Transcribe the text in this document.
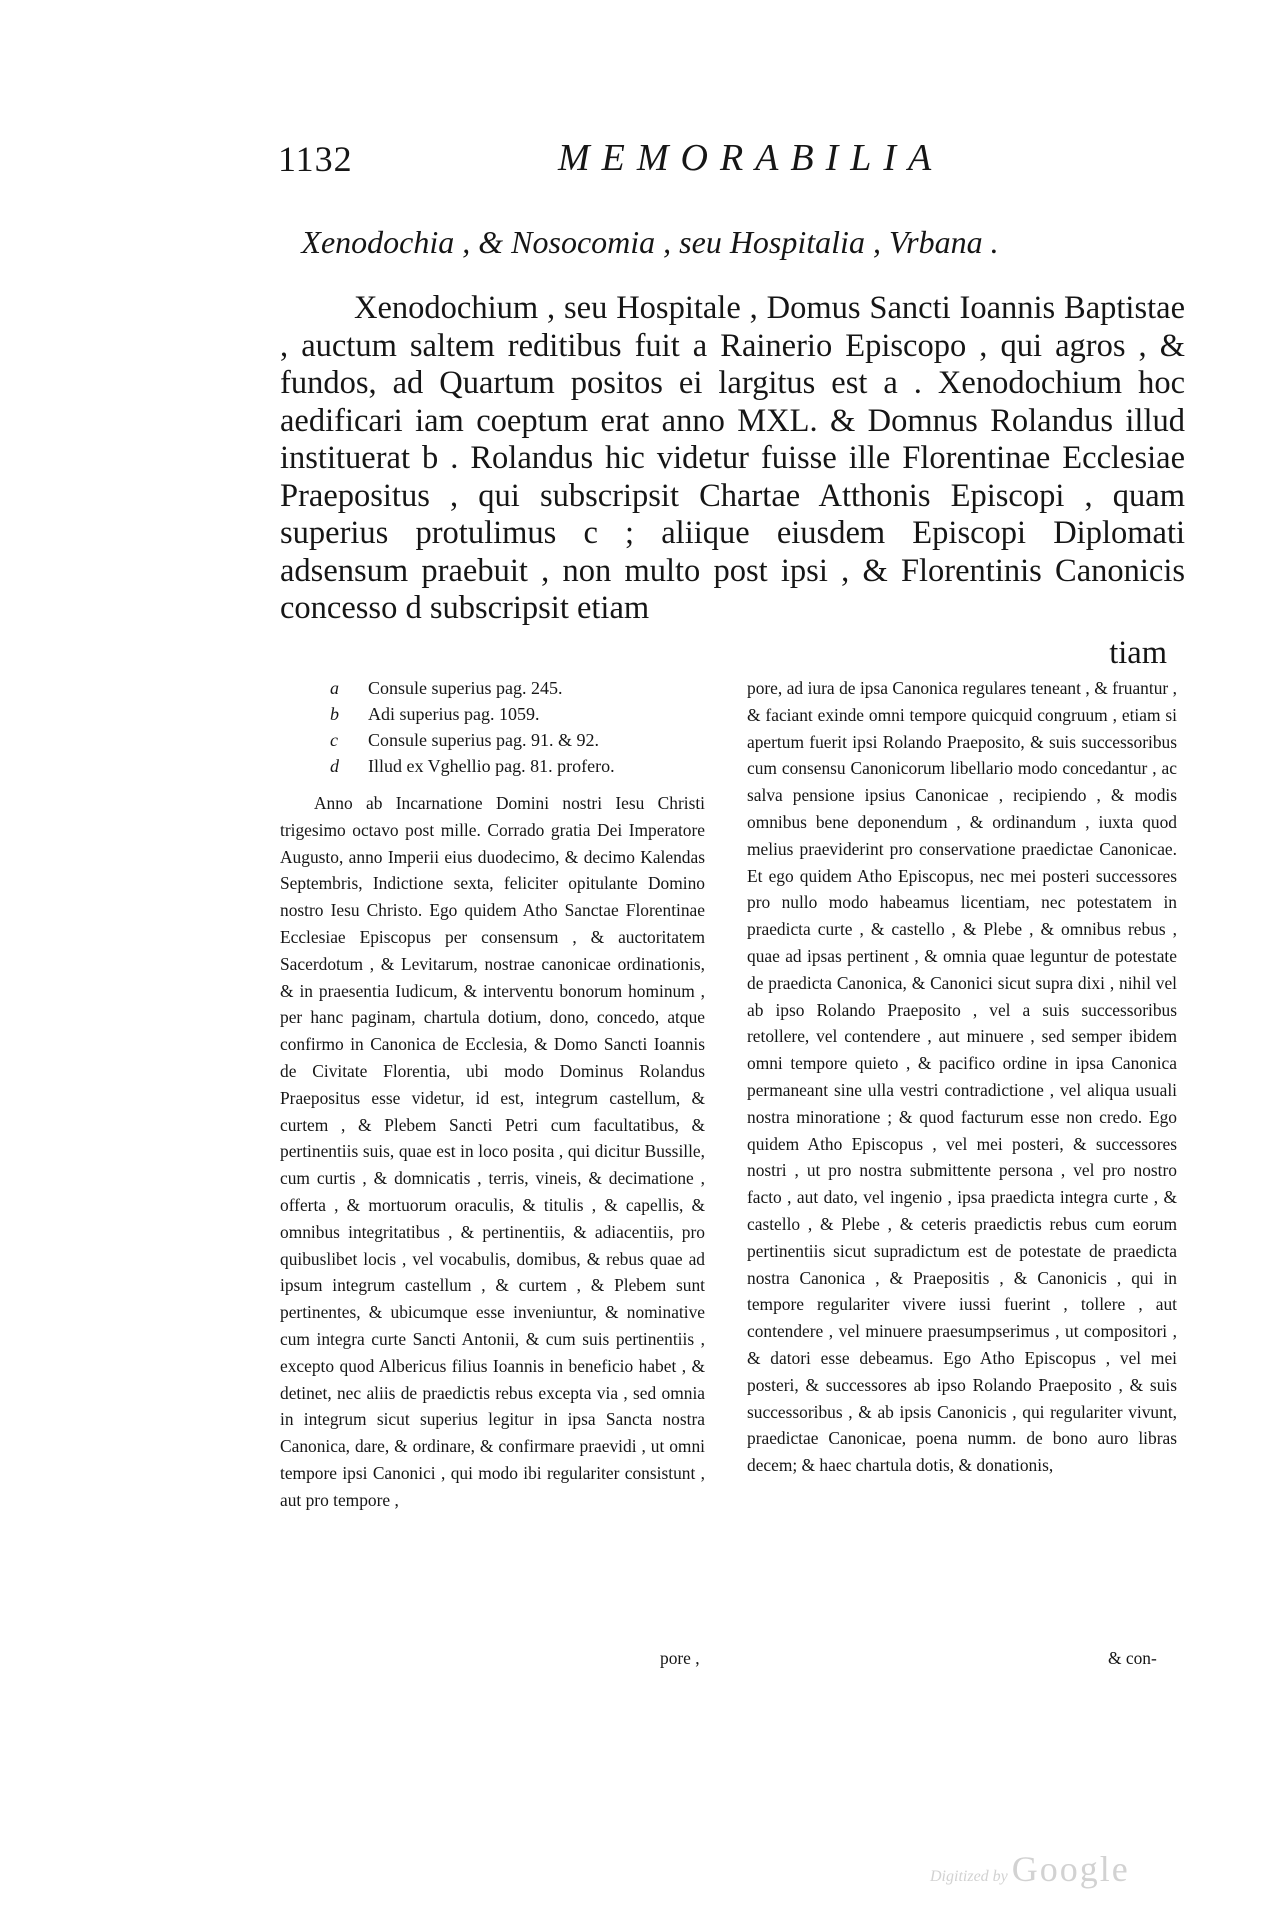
1132	MEMORABILIA
Xenodochia , & Nosocomia , seu Hospitalia , Vrbana .

Xenodochium , seu Hospitale , Domus Sancti Ioannis Baptistae , auctum saltem reditibus fuit a Rainerio Episcopo , qui agros , & fundos, ad Quartum positos ei largitus est a . Xenodochium hoc aedificari iam coeptum erat anno MXL. & Domnus Rolandus illud instituerat b . Rolandus hic videtur fuisse ille Florentinae Ecclesiae Praepositus , qui subscripsit Chartae Atthonis Episcopi , quam superius protulimus c ; aliique eiusdem Episcopi Diplomati adsensum praebuit , non multo post ipsi , & Florentinis Canonicis concesso d subscripsit etiam
tiam

a	Consule superius pag. 245.
b	Adi superius pag. 1059.
c	Consule superius pag. 91. & 92.
d	Illud ex Vghellio pag. 81. profero.

Anno ab Incarnatione Domini nostri Iesu Christi trigesimo octavo post mille. Corrado gratia Dei Imperatore Augusto, anno Imperii eius duodecimo, & decimo Kalendas Septembris, Indictione sexta, feliciter opitulante Domino nostro Iesu Christo. Ego quidem Atho Sanctae Florentinae Ecclesiae Episcopus per consensum , & auctoritatem Sacerdotum , & Levitarum, nostrae canonicae ordinationis, & in praesentia Iudicum, & interventu bonorum hominum , per hanc paginam, chartula dotium, dono, concedo, atque confirmo in Canonica de Ecclesia, & Domo Sancti Ioannis de Civitate Florentia, ubi modo Dominus Rolandus Praepositus esse videtur, id est, integrum castellum, & curtem , & Plebem Sancti Petri cum facultatibus, & pertinentiis suis, quae est in loco posita , qui dicitur Bussille, cum curtis , & domnicatis , terris, vineis, & decimatione , offerta , & mortuorum oraculis, & titulis , & capellis, & omnibus integritatibus , & pertinentiis, & adiacentiis, pro quibuslibet locis , vel vocabulis, domibus, & rebus quae ad ipsum integrum castellum , & curtem , & Plebem sunt pertinentes, & ubicumque esse inveniuntur, & nominative cum integra curte Sancti Antonii, & cum suis pertinentiis , excepto quod Albericus filius Ioannis in beneficio habet , & detinet, nec aliis de praedictis rebus excepta via , sed omnia in integrum sicut superius legitur in ipsa Sancta nostra Canonica, dare, & ordinare, & confirmare praevidi , ut omni tempore ipsi Canonici , qui modo ibi regulariter consistunt , aut pro tempore ,

pore ,

pore, ad iura de ipsa Canonica regulares teneant , & fruantur , & faciant exinde omni tempore quicquid congruum , etiam si apertum fuerit ipsi Rolando Praeposito, & suis successoribus cum consensu Canonicorum libellario modo concedantur , ac salva pensione ipsius Canonicae , recipiendo , & modis omnibus bene deponendum , & ordinandum , iuxta quod melius praeviderint pro conservatione praedictae Canonicae. Et ego quidem Atho Episcopus, nec mei posteri successores pro nullo modo habeamus licentiam, nec potestatem in praedicta curte , & castello , & Plebe , & omnibus rebus , quae ad ipsas pertinent , & omnia quae leguntur de potestate de praedicta Canonica, & Canonici sicut supra dixi , nihil vel ab ipso Rolando Praeposito , vel a suis successoribus retollere, vel contendere , aut minuere , sed semper ibidem omni tempore quieto , & pacifico ordine in ipsa Canonica permaneant sine ulla vestri contradictione , vel aliqua usuali nostra minoratione ; & quod facturum esse non credo. Ego quidem Atho Episcopus , vel mei posteri, & successores nostri , ut pro nostra submittente persona , vel pro nostro facto , aut dato, vel ingenio , ipsa praedicta integra curte , & castello , & Plebe , & ceteris praedictis rebus cum eorum pertinentiis sicut supradictum est de potestate de praedicta nostra Canonica , & Praepositis , & Canonicis , qui in tempore regulariter vivere iussi fuerint , tollere , aut contendere , vel minuere praesumpserimus , ut compositori , & datori esse debeamus. Ego Atho Episcopus , vel mei posteri, & successores ab ipso Rolando Praeposito , & suis successoribus , & ab ipsis Canonicis , qui regulariter vivunt, praedictae Canonicae, poena numm. de bono auro libras decem; & haec chartula dotis, & donationis,

& con-
Digitized by Google
